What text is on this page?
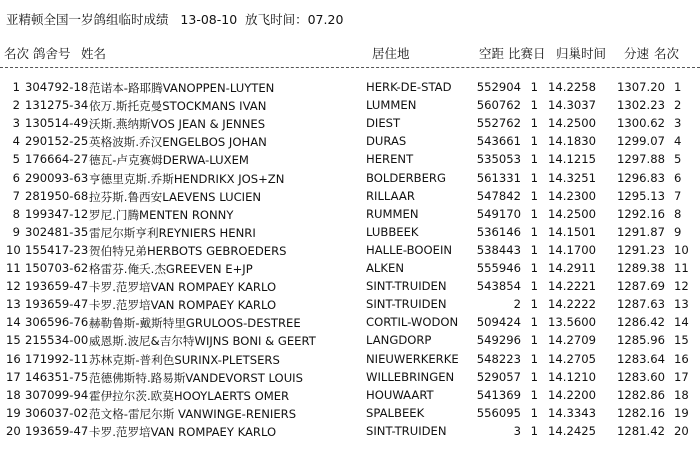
亚精顿全国一岁鸽组临时成绩   13-08-10  放飞时间：07.20
名次 鸽舍号 姓名	居住地	空距 比赛日 归巢时间 分速 名次
1 304792-18 范诺本-路耶腾VANOPPEN-LUYTEN	HERK-DE-STAD 552904 1 14.2258 1307.20 1
2 131275-34 依万.斯托克曼STOCKMANS IVAN	LUMMEN	560762 1 14.3037 1302.23 2
3 130514-49 沃斯.燕纳斯VOS JEAN & JENNES	DIEST	552762 1 14.2500 1300.62 3
4 290152-25 英格波斯.乔汉ENGELBOS JOHAN	DURAS	543661 1 14.1830 1299.07 4
5 176664-27 德瓦-卢克赛姆DERWA-LUXEM	HERENT	535053 1 14.1215 1297.88 5
6 290093-63 亨德里克斯.乔斯HENDRIKX JOS+ZN	BOLDERBERG	561331 1 14.3251 1296.83 6
7 281950-68 拉芬斯.鲁西安LAEVENS LUCIEN	RILLAAR	547842 1 14.2300 1295.13 7
8 199347-12 罗尼.门腾MENTEN RONNY	RUMMEN	549170 1 14.2500 1292.16 8
9 302481-35 雷尼尔斯亨利REYNIERS HENRI	LUBBEEK	536146 1 14.1501 1291.87 9
10 155417-23 贺伯特兄弟HERBOTS GEBROEDERS	HALLE-BOOEIN 538443 1 14.1700 1291.23 10
11 150703-62 格雷芬.俺夭.杰GREEVEN E+JP	ALKEN	555946 1 14.2911 1289.38 11
12 193659-47 卡罗.范罗培VAN ROMPAEY KARLO	SINT-TRUIDEN	543854 1 14.2221 1287.69 12
13 193659-47 卡罗.范罗培VAN ROMPAEY KARLO	SINT-TRUIDEN	2 1 14.2222 1287.63 13
14 306596-76 赫勒鲁斯-戴斯特里GRULOOS-DESTREE	CORTIL-WODON 509424 1 13.5600 1286.42 14
15 215534-00 威恩斯.波尼&吉尔特WIJNS BONI & GEERT	LANGDORP	549296 1 14.2709 1285.96 15
16 171992-11 苏林克斯-普利色SURINX-PLETSERS	NIEUWERKERKE 548223 1 14.2705 1283.64 16
17 146351-75 范德佛斯特.路易斯VANDEVORST LOUIS	WILLEBRINGEN 529057 1 14.1210 1283.60 17
18 307099-94 霍伊拉尔茨.欧莫HOOYLAERTS OMER	HOUWAART	541369 1 14.2200 1282.86 18
19 306037-02 范文格-雷尼尔斯 VANWINGE-RENIERS	SPALBEEK	556095 1 14.3343 1282.16 19
20 193659-47 卡罗.范罗培VAN ROMPAEY KARLO	SINT-TRUIDEN	3 1 14.2425 1281.42 20
